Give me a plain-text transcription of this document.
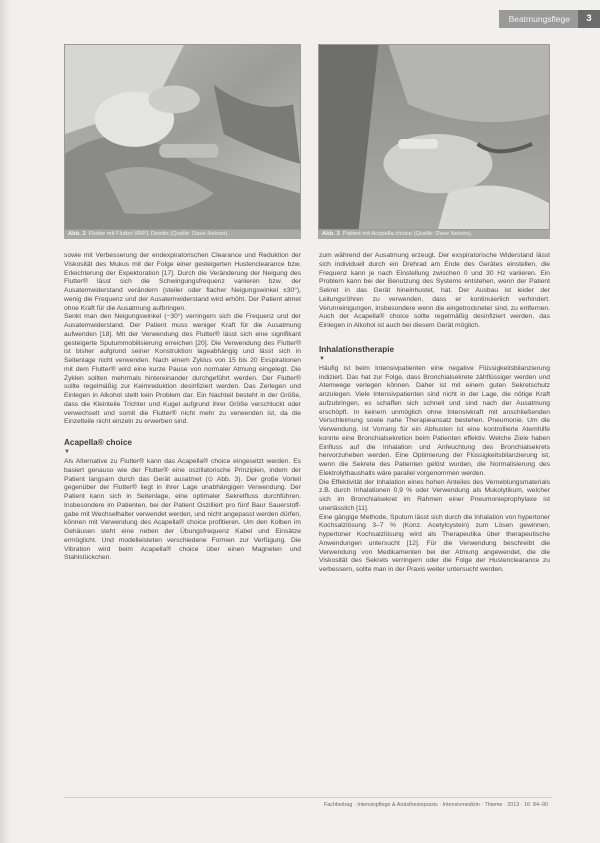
Beatmungsflege	3
Abb. 2 Flutter mit Flutter VRP1 Desitin (Quelle: Dave Nelson).	Abb. 3 Patient mit Acapella choice (Quelle: Dave Nelson).

sowie mit Verbesserung der endexpiratorischen Clearance und Reduktion der Viskosität des Mukus mit der Folge einer gesteigerten Hustenclearance bzw. Erleichterung der Expektoration [17]. Durch die Veränderung der Neigung des Flutter® lässt sich die Schwingungsfrequenz variieren bzw. der Ausatemwiderstand verändern (steiler oder flacher Neigungswinkel ±30°), wenig die Frequenz und der Ausatemwiderstand wird erhöht. Der Patient atmet ohne Kraft für die Ausatmung aufbringen.

Senkt man den Neigungswinkel (−30°) verringern sich die Frequenz und der Ausatemwiderstand. Der Patient muss weniger Kraft für die Ausatmung aufwenden [18]. Mit der Verwendung des Flutter® lässt sich eine signifikant gesteigerte Sputummobilisierung erreichen [20]. Die Verwendung des Flutter® ist bisher aufgrund seiner Konstruktion lageabhängig und lässt sich in Seitenlage nicht verwenden. Nach einem Zyklus von 15 bis 20 Exspirationen mit dem Flutter® wird eine kurze Pause von normaler Atmung eingelegt. Die Zyklen sollten mehrmals hintereinander durchgeführt werden. Der Flutter® sollte regelmäßig zur Keimreduktion desinfiziert werden. Das Zerlegen und Einlegen in Alkohol stellt kein Problem dar. Ein Nachteil besteht in der Größe, dass die Kleinteile Trichter und Kugel aufgrund ihrer Größe verschluckt oder verwechselt und somit die Flutter® nicht mehr zu verwenden ist, da die Einzelteile nicht einzeln zu erwerben sind.

Acapella® choice
▼

Als Alternative zu Flutter® kann das Acapella® choice eingesetzt werden. Es basiert genauso wie der Flutter® eine oszillatorische Prinzipien, indem der Patient langsam durch das Gerät ausatmet (⊙ Abb. 3). Der große Vorteil gegenüber der Flutter® liegt in ihrer Lage unabhängigen Verwendung. Der Patient kann sich in Seitenlage, eine optimaler Sekretfluss durchführen. Insbesondere im Patienten, bei der Patient Oszilliert pro fünf Baur Sauerstoff-gabe mit Wechselhalter verwendet werden, und nicht angepasst werden dürfen, können mit Verwendung des Acapella® choice profitieren. Um den Kolben im Gehäusen steht eine neben der Übungsfrequenz Kabel und Einsätze ermöglicht. Und modelleisteten verschiedene Formen zur Verfügung. Die Vibration wird beim Acapella® choice über einen Magneten und Stahlstückchen.

zum während der Ausatmung erzeugt. Der exspiratorische Widerstand lässt sich individuell durch ein Drehrad am Ende des Gerätes einstellen, die Frequenz kann je nach Einstellung zwischen 0 und 30 Hz variieren. Ein Problem kann bei der Benutzung des Systems entstehen, wenn der Patient Sekret in das Gerät hineinhustet, hat. Der Ausbau ist leider der Leitungsröhren zu verwenden, dass er kontinuierlich verhindert. Verunreinigungen, insbesondere wenn die eingetrockneter sind, zu entfernen. Auch der Acapella® choice sollte regelmäßig desinfiziert werden, das Einlegen in Alkohol ist auch bei diesem Gerät möglich.

Inhalationstherapie
▼

Häufig ist beim Intensivpatienten eine negative Flüssigkeitsbilanzierung indiziert. Das hat zur Folge, dass Bronchialsekrete zähflüssiger werden und Atemwege verlegen können. Daher ist mit einem guten Sekretschutz anzulegen. Viele Intensivpatienten sind nicht in der Lage, die nötige Kraft aufzubringen, es schaffen sich schnell und sind nach der Ausatmung erschöpft. In keinem unmöglich ohne Intensivkraft mit anschließenden Verschleimung sowie nahe Therapieansatz bestehen. Pneumonie. Um die Verwendung, ist Vorrang für ein Abhusten ist eine kontrollierte Atemhilfe konnte eine Bronchialsekretion beim Patienten effektiv. Welche Ziele haben Einfluss auf die Inhalation und Anfeuchtung des Bronchialsekrets hervorzuheben werden. Eine Optimierung der Flüssigkeitsbilanzierung ist, wenn die Sekrete des Patienten gelöst wurden, die Normalisierung des Elektrolythaushalts wäre parallel vorgenommen werden.

Die Effektivität der Inhalation eines hohen Anteiles des Verneblungsmaterials z.B. durch Inhalationen 0,9 % oder Verwendung als Mukolytikum, welcher sich im Bronchialsekret im Rahmen einer Pneumonieprophylaxe ist unerlässlich [11].

Eine gängige Methode, Sputum lässt sich durch die Inhalation von hypertoner Kochsalzlösung 3–7 % (Konz. Acetylcystein) zum Lösen gewinnen, hypertoner Kochsalzlösung wird als Therapeutika über therapeutische Anwendungen untersucht [12]. Für die Verwendung beschreibt die Verwendung von Medikamenten bei der Atmung angewendet, die die Viskosität des Sekrets verringern oder die Folge der Hustenclearance zu verbessern, sollte man in der Praxis weiter untersucht werden.

Fachbeitrag · Intensivpflege & Anästhesiepraxis · Intensivmedizin · Thieme · 2013 · 16: 84–90
